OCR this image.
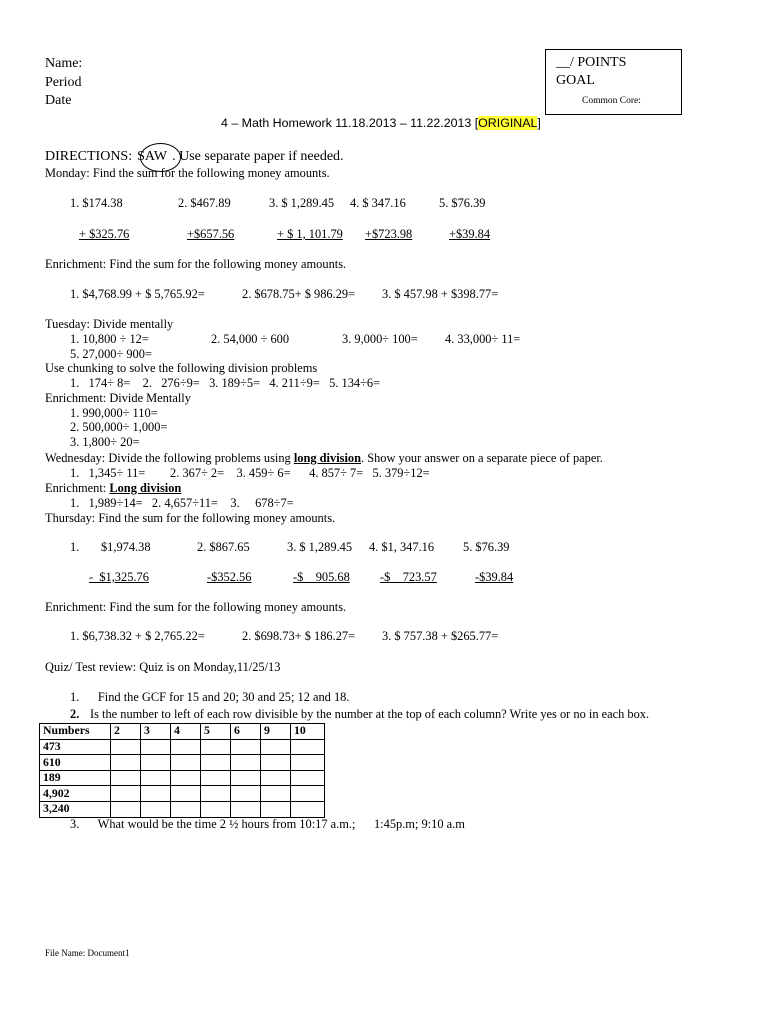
Name:
Period
Date
__/ POINTS
GOAL
Common Core:
4 – Math Homework 11.18.2013 – 11.22.2013 [ORIGINAL]
DIRECTIONS: SAW . Use separate paper if needed.
Monday: Find the sum for the following money amounts.
1. $174.38	2. $467.89	3. $ 1,289.45 4. $ 347.16	5. $76.39
+ $325.76	+$657.56	+ $ 1, 101.79 +$723.98	+$39.84
Enrichment: Find the sum for the following money amounts.
1. $4,768.99 + $ 5,765.92=	2. $678.75+ $ 986.29= 3. $ 457.98 + $398.77=
Tuesday: Divide mentally
1. 10,800 ÷ 12=	2. 54,000 ÷ 600	3. 9,000÷ 100= 4. 33,000÷ 11=
5. 27,000÷ 900=
Use chunking to solve the following division problems
1.   174÷ 8=    2.   276÷9=   3. 189÷5=   4. 211÷9=   5. 134÷6=
Enrichment: Divide Mentally
1. 990,000÷ 110=
2. 500,000÷ 1,000=
3. 1,800÷ 20=
Wednesday: Divide the following problems using long division. Show your answer on a separate piece of paper.
1.   1,345÷ 11=        2. 367÷ 2=    3. 459÷ 6=      4. 857÷ 7=   5. 379÷12=
Enrichment: Long division
1.   1,989÷14=   2. 4,657÷11=    3.     678÷7=
Thursday: Find the sum for the following money amounts.
1.       $1,974.38	2. $867.65	3. $ 1,289.45 4. $1, 347.16 5. $76.39
-  $1,325.76	-$352.56	-$    905.68 -$    723.57	-$39.84
Enrichment: Find the sum for the following money amounts.
1. $6,738.32 + $ 2,765.22=	2. $698.73+ $ 186.27= 3. $ 757.38 + $265.77=
Quiz/ Test review: Quiz is on Monday,11/25/13
1.      Find the GCF for 15 and 20; 30 and 25; 12 and 18.
2. Is the number to left of each row divisible by the number at the top of each column? Write yes or no in each box.
Numbers	2	3	4	5	6	9	10
473							
610							
189							
4,902							
3,240							
3.      What would be the time 2 ½ hours from 10:17 a.m.;      1:45p.m; 9:10 a.m
File Name: Document1
